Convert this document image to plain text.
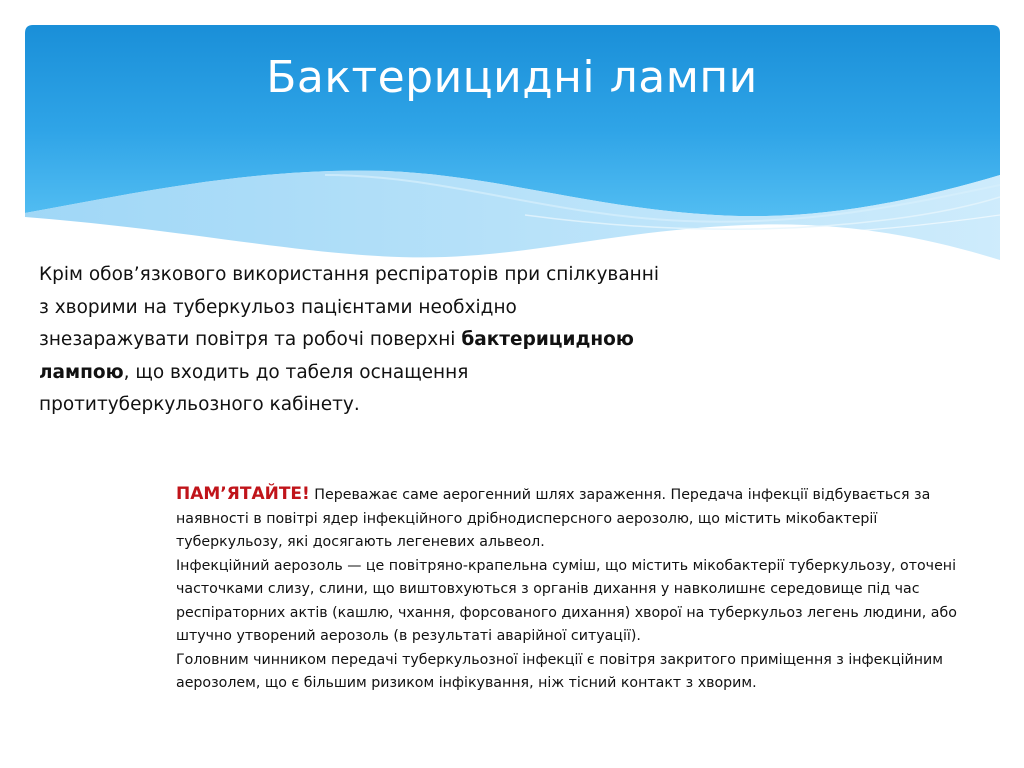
Бактерицидні лампи

Крім обов’язкового використання респіраторів при спілкуванні з хворими на туберкульоз пацієнтами необхідно знезаражувати повітря та робочі поверхні бактерицидною лампою, що входить до табеля оснащення протитуберкульозного кабінету.

ПАМ’ЯТАЙТЕ! Переважає саме аерогенний шлях зараження. Передача інфекції відбувається за наявності в повітрі ядер інфекційного дрібнодисперсного аерозолю, що містить мікобактерії туберкульозу, які досягають легеневих альвеол.

Інфекційний аерозоль — це повітряно-крапельна суміш, що містить мікобактерії туберкульозу, оточені часточками слизу, слини, що виштовхуються з органів дихання у навколишнє середовище під час респіраторних актів (кашлю, чхання, форсованого дихання) хворої на туберкульоз легень людини, або штучно утворений аерозоль (в результаті аварійної ситуації).

Головним чинником передачі туберкульозної інфекції є повітря закритого приміщення з інфекційним аерозолем, що є більшим ризиком інфікування, ніж тісний контакт з хворим.
